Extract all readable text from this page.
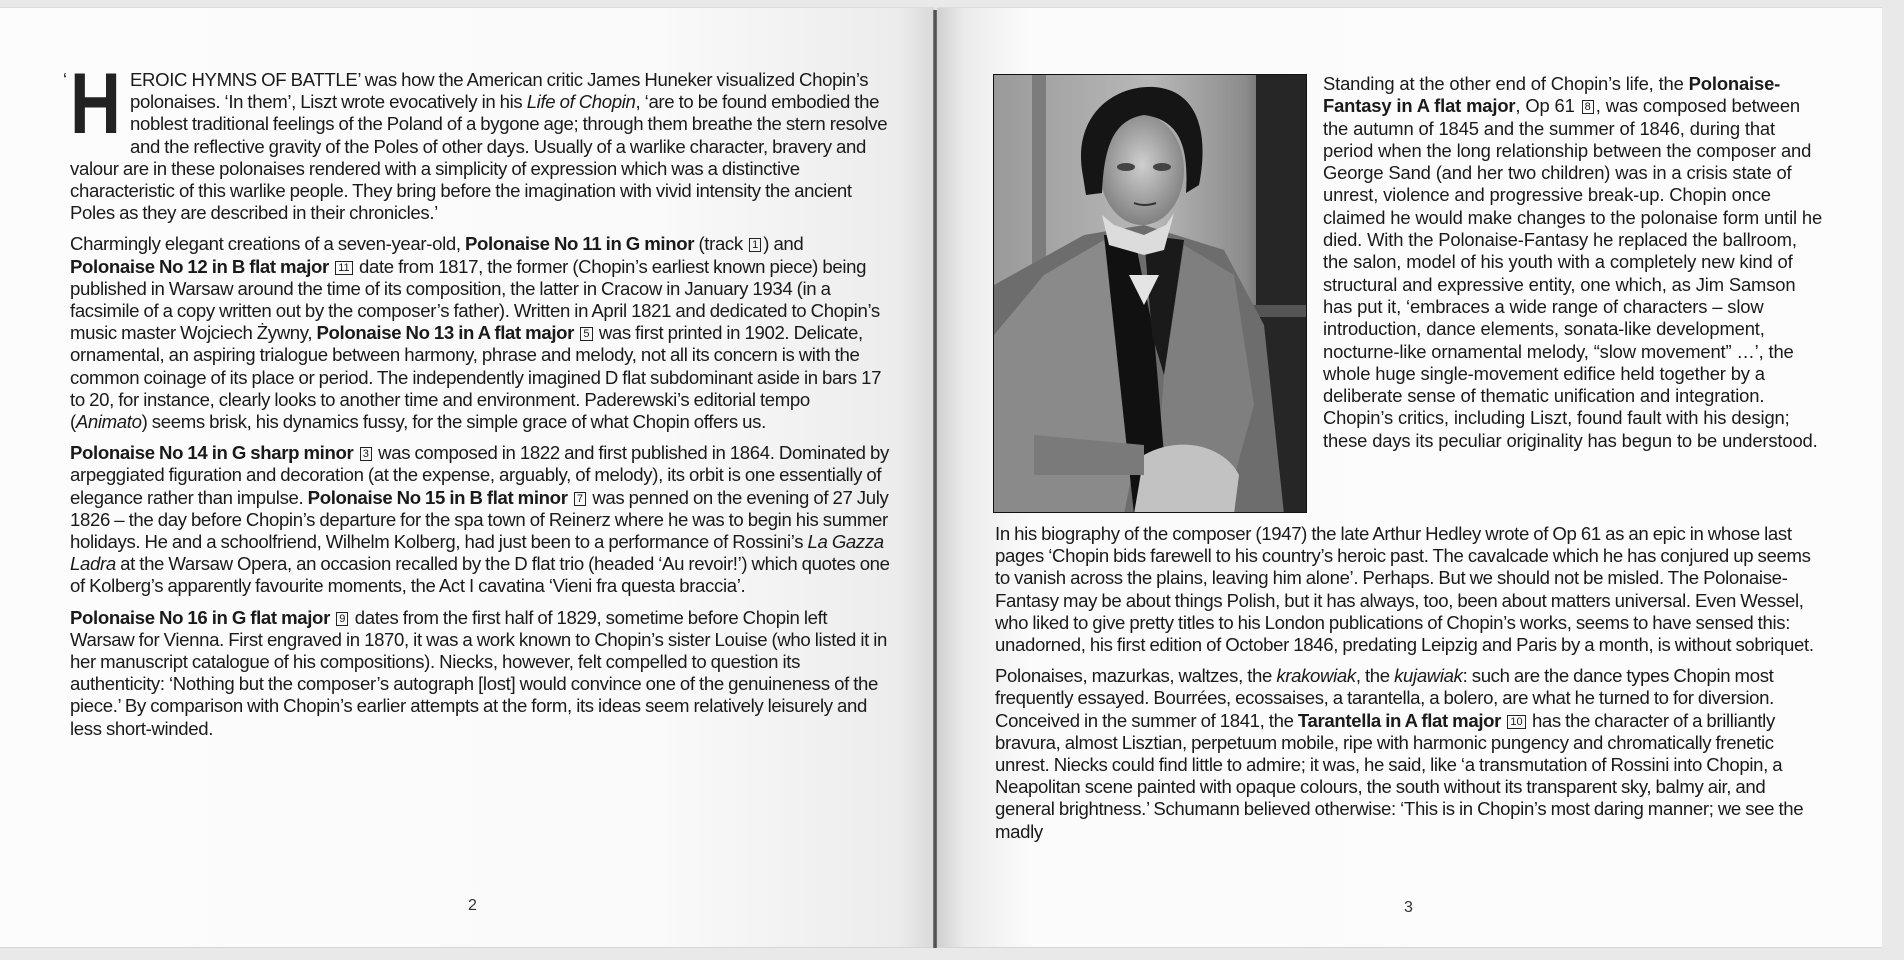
‘ H EROIC HYMNS OF BATTLE’ was how the American critic James Huneker visualized Chopin’s polonaises. ‘In them’, Liszt wrote evocatively in his Life of Chopin, ‘are to be found embodied the noblest traditional feelings of the Poland of a bygone age; through them breathe the stern resolve and the reflective gravity of the Poles of other days. Usually of a warlike character, bravery and valour are in these polonaises rendered with a simplicity of expression which was a distinctive characteristic of this warlike people. They bring before the imagination with vivid intensity the ancient Poles as they are described in their chronicles.’

Charmingly elegant creations of a seven-year-old, Polonaise No 11 in G minor (track 1 ) and Polonaise No 12 in B flat major 11 date from 1817, the former (Chopin’s earliest known piece) being published in Warsaw around the time of its composition, the latter in Cracow in January 1934 (in a facsimile of a copy written out by the composer’s father). Written in April 1821 and dedicated to Chopin’s music master Wojciech Żywny, Polonaise No 13 in A flat major 5 was first printed in 1902. Delicate, ornamental, an aspiring trialogue between harmony, phrase and melody, not all its concern is with the common coinage of its place or period. The independently imagined D flat subdominant aside in bars 17 to 20, for instance, clearly looks to another time and environment. Paderewski’s editorial tempo (Animato) seems brisk, his dynamics fussy, for the simple grace of what Chopin offers us.

Polonaise No 14 in G sharp minor 3 was composed in 1822 and first published in 1864. Dominated by arpeggiated figuration and decoration (at the expense, arguably, of melody), its orbit is one essentially of elegance rather than impulse. Polonaise No 15 in B flat minor 7 was penned on the evening of 27 July 1826 – the day before Chopin’s departure for the spa town of Reinerz where he was to begin his summer holidays. He and a schoolfriend, Wilhelm Kolberg, had just been to a performance of Rossini’s La Gazza Ladra at the Warsaw Opera, an occasion recalled by the D flat trio (headed ‘Au revoir!’) which quotes one of Kolberg’s apparently favourite moments, the Act I cavatina ‘Vieni fra questa braccia’.

Polonaise No 16 in G flat major 9 dates from the first half of 1829, sometime before Chopin left Warsaw for Vienna. First engraved in 1870, it was a work known to Chopin’s sister Louise (who listed it in her manuscript catalogue of his compositions). Niecks, however, felt compelled to question its authenticity: ‘Nothing but the composer’s autograph [lost] would convince one of the genuineness of the piece.’ By comparison with Chopin’s earlier attempts at the form, its ideas seem relatively leisurely and less short-winded.

2

Standing at the other end of Chopin’s life, the Polonaise-Fantasy in A flat major, Op 61 8 , was composed between the autumn of 1845 and the summer of 1846, during that period when the long relationship between the composer and George Sand (and her two children) was in a crisis state of unrest, violence and progressive break-up. Chopin once claimed he would make changes to the polonaise form until he died. With the Polonaise-Fantasy he replaced the ballroom, the salon, model of his youth with a completely new kind of structural and expressive entity, one which, as Jim Samson has put it, ‘embraces a wide range of characters – slow introduction, dance elements, sonata-like development, nocturne-like ornamental melody, “slow movement” …’, the whole huge single-movement edifice held together by a deliberate sense of thematic unification and integration. Chopin’s critics, including Liszt, found fault with his design; these days its peculiar originality has begun to be understood.

In his biography of the composer (1947) the late Arthur Hedley wrote of Op 61 as an epic in whose last pages ‘Chopin bids farewell to his country’s heroic past. The cavalcade which he has conjured up seems to vanish across the plains, leaving him alone’. Perhaps. But we should not be misled. The Polonaise-Fantasy may be about things Polish, but it has always, too, been about matters universal. Even Wessel, who liked to give pretty titles to his London publications of Chopin’s works, seems to have sensed this: unadorned, his first edition of October 1846, predating Leipzig and Paris by a month, is without sobriquet.

Polonaises, mazurkas, waltzes, the krakowiak, the kujawiak: such are the dance types Chopin most frequently essayed. Bourrées, ecossaises, a tarantella, a bolero, are what he turned to for diversion. Conceived in the summer of 1841, the Tarantella in A flat major 10 has the character of a brilliantly bravura, almost Lisztian, perpetuum mobile, ripe with harmonic pungency and chromatically frenetic unrest. Niecks could find little to admire; it was, he said, like ‘a transmutation of Rossini into Chopin, a Neapolitan scene painted with opaque colours, the south without its transparent sky, balmy air, and general brightness.’ Schumann believed otherwise: ‘This is in Chopin’s most daring manner; we see the madly

3
